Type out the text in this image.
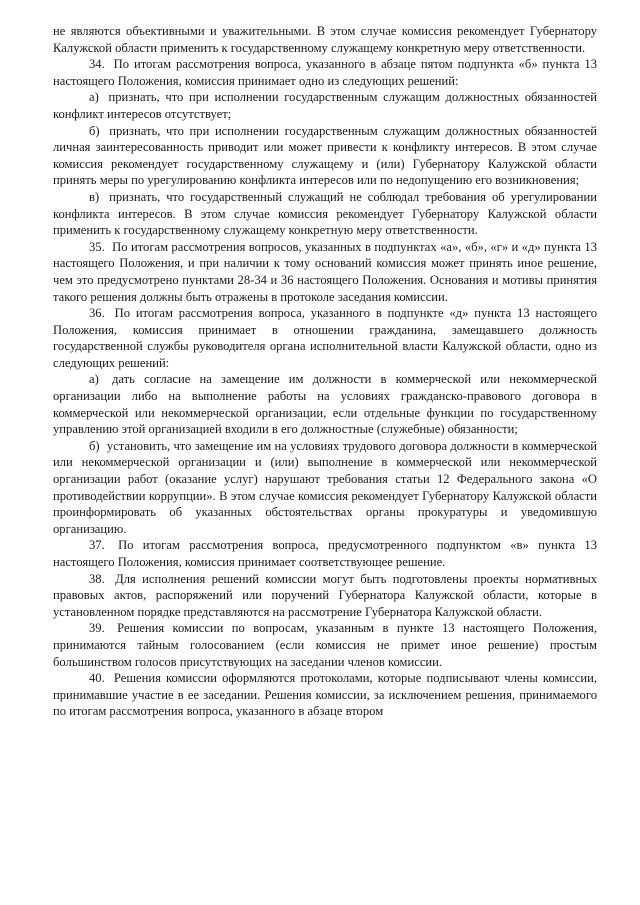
не являются объективными и уважительными. В этом случае комиссия рекомендует Губернатору Калужской области применить к государственному служащему конкретную меру ответственности.

34. По итогам рассмотрения вопроса, указанного в абзаце пятом подпункта «б» пункта 13 настоящего Положения, комиссия принимает одно из следующих решений:

а) признать, что при исполнении государственным служащим должностных обязанностей конфликт интересов отсутствует;

б) признать, что при исполнении государственным служащим должностных обязанностей личная заинтересованность приводит или может привести к конфликту интересов. В этом случае комиссия рекомендует государственному служащему и (или) Губернатору Калужской области принять меры по урегулированию конфликта интересов или по недопущению его возникновения;

в) признать, что государственный служащий не соблюдал требования об урегулировании конфликта интересов. В этом случае комиссия рекомендует Губернатору Калужской области применить к государственному служащему конкретную меру ответственности.

35. По итогам рассмотрения вопросов, указанных в подпунктах «а», «б», «г» и «д» пункта 13 настоящего Положения, и при наличии к тому оснований комиссия может принять иное решение, чем это предусмотрено пунктами 28-34 и 36 настоящего Положения. Основания и мотивы принятия такого решения должны быть отражены в протоколе заседания комиссии.

36. По итогам рассмотрения вопроса, указанного в подпункте «д» пункта 13 настоящего Положения, комиссия принимает в отношении гражданина, замещавшего должность государственной службы руководителя органа исполнительной власти Калужской области, одно из следующих решений:

а) дать согласие на замещение им должности в коммерческой или некоммерческой организации либо на выполнение работы на условиях гражданско-правового договора в коммерческой или некоммерческой организации, если отдельные функции по государственному управлению этой организацией входили в его должностные (служебные) обязанности;

б) установить, что замещение им на условиях трудового договора должности в коммерческой или некоммерческой организации и (или) выполнение в коммерческой или некоммерческой организации работ (оказание услуг) нарушают требования статьи 12 Федерального закона «О противодействии коррупции». В этом случае комиссия рекомендует Губернатору Калужской области проинформировать об указанных обстоятельствах органы прокуратуры и уведомившую организацию.

37. По итогам рассмотрения вопроса, предусмотренного подпунктом «в» пункта 13 настоящего Положения, комиссия принимает соответствующее решение.

38. Для исполнения решений комиссии могут быть подготовлены проекты нормативных правовых актов, распоряжений или поручений Губернатора Калужской области, которые в установленном порядке представляются на рассмотрение Губернатора Калужской области.

39. Решения комиссии по вопросам, указанным в пункте 13 настоящего Положения, принимаются тайным голосованием (если комиссия не примет иное решение) простым большинством голосов присутствующих на заседании членов комиссии.

40. Решения комиссии оформляются протоколами, которые подписывают члены комиссии, принимавшие участие в ее заседании. Решения комиссии, за исключением решения, принимаемого по итогам рассмотрения вопроса, указанного в абзаце втором
